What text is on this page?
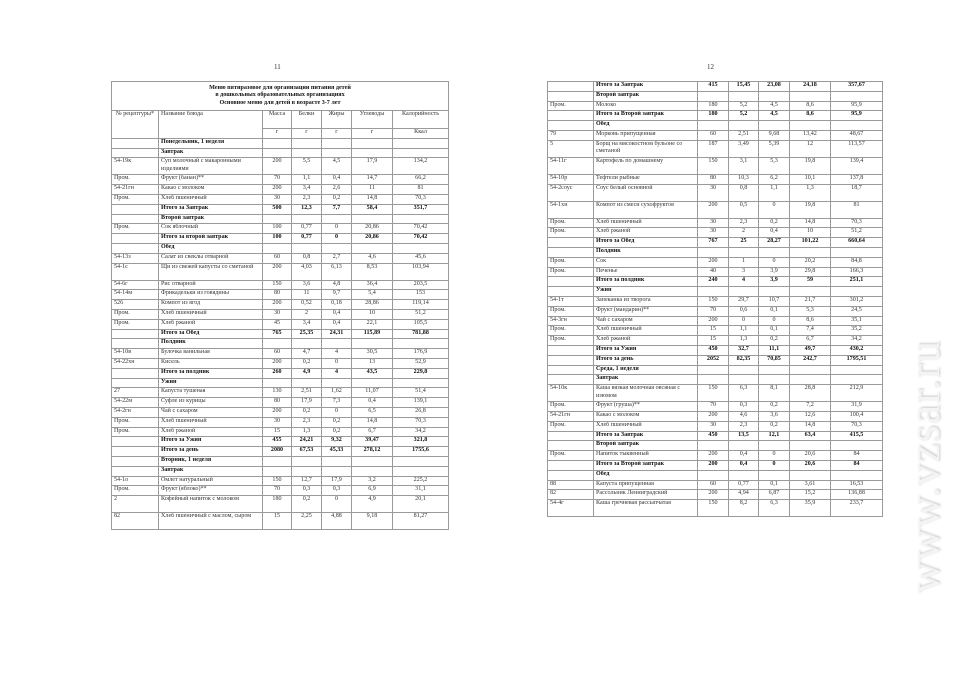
11	12
Меню пятиразовое для организации питания детей
в дошкольных образовательных организациях
Основное меню для детей в возрасте 3-7 лет						

№ рецептуры*	Название блюда	Масса	Белки	Жиры	Углеводы	Калорийность
		г	г	г	г	Ккал
	Понедельник, 1 неделя					
	Завтрак					
54-19к	Суп молочный с макаронными изделиями	200	5,5	4,5	17,9	134,2
Пром.	Фрукт (банан)**	70	1,1	0,4	14,7	66,2
54-21гн	Какао с молоком	200	3,4	2,6	11	81
Пром.	Хлеб пшеничный	30	2,3	0,2	14,8	70,3
	Итого за Завтрак	500	12,3	7,7	58,4	351,7
	Второй завтрак					
Пром.	Сок яблочный	100	0,77	0	20,86	70,42
	Итого за второй завтрак	100	0,77	0	20,86	70,42
	Обед					
54-13з	Салат из свеклы отварной	60	0,8	2,7	4,6	45,6
54-1с	Щи из свежей капусты со сметаной	200	4,03	6,13	8,53	103,94
54-6г	Рис отварной	150	3,6	4,8	36,4	203,5
54-14м	Фрикадельки из говядины	80	11	9,7	5,4	153
526	Компот из ягод	200	0,52	0,18	28,86	119,14
Пром.	Хлеб пшеничный	30	2	0,4	10	51,2
Пром.	Хлеб ржаной	45	3,4	0,4	22,1	105,5
	Итого за Обед	765	25,35	24,31	115,89	781,88
	Полдник					
54-10в	Булочка ванильная	60	4,7	4	30,5	176,9
54-22хн	Кисель	200	0,2	0	13	52,9
	Итого за полдник	260	4,9	4	43,5	229,8
	Ужин					
27	Капуста тушеная	130	2,51	1,62	11,07	51,4
54-22м	Суфле из курицы	80	17,9	7,3	0,4	139,1
54-2гн	Чай с сахаром	200	0,2	0	6,5	26,8
Пром.	Хлеб пшеничный	30	2,3	0,2	14,8	70,3
Пром.	Хлеб ржаной	15	1,3	0,2	6,7	34,2
	Итого за Ужин	455	24,21	9,32	39,47	321,8
	Итого за день	2080	67,53	45,33	278,12	1755,6
	Вторник, 1 неделя					
	Завтрак					
54-1о	Омлет натуральный	150	12,7	17,9	3,2	225,2
Пром.	Фрукт (яблоко)**	70	0,3	0,3	6,9	31,1
2	Кофейный напиток с молоком	180	0,2	0	4,9	20,1
82	Хлеб пшеничный с маслом, сыром	15	2,25	4,88	9,18	81,27
	Итого за Завтрак	415	15,45	23,08	24,18	357,67
	Второй завтрак					
Пром.	Молоко	180	5,2	4,5	8,6	95,9
	Итого за Второй завтрак	180	5,2	4,5	8,6	95,9
	Обед					
79	Морковь припущенная	60	2,51	9,68	13,42	48,67
5	Борщ на мясокостном бульоне со сметаной	187	3,49	5,39	12	113,57
54-11г	Картофель по домашнему	150	3,1	5,3	19,8	139,4
54-10р	Тефтели рыбные	80	10,3	6,2	10,1	137,8
54-2соус	Соус белый основной	30	0,8	1,1	1,3	18,7
54-1хн	Компот из смеси сухофруктов	200	0,5	0	19,8	81
Пром.	Хлеб пшеничный	30	2,3	0,2	14,8	70,3
Пром.	Хлеб ржаной	30	2	0,4	10	51,2
	Итого за Обед	767	25	28,27	101,22	660,64
	Полдник					
Пром.	Сок	200	1	0	20,2	84,8
Пром.	Печенье	40	3	3,9	29,8	166,3
	Итого за полдник	240	4	3,9	59	251,1
	Ужин					
54-1т	Запеканка из творога	150	29,7	10,7	21,7	301,2
Пром.	Фрукт (мандарин)**	70	0,6	0,1	5,3	24,5
54-3гн	Чай с сахаром	200	0	0	8,6	35,1
Пром.	Хлеб пшеничный	15	1,1	0,1	7,4	35,2
Пром.	Хлеб ржаной	15	1,3	0,2	6,7	34,2
	Итого за Ужин	450	32,7	11,1	49,7	430,2
	Итого за день	2052	82,35	70,85	242,7	1795,51
	Среда, 1 неделя					
	Завтрак					
54-10к	Каша вязкая молочная овсяная с изюмом	150	6,3	8,1	28,8	212,9
Пром.	Фрукт (груша)**	70	0,3	0,2	7,2	31,9
54-21гн	Какао с молоком	200	4,6	3,6	12,6	100,4
Пром.	Хлеб пшеничный	30	2,3	0,2	14,8	70,3
	Итого за Завтрак	450	13,5	12,1	63,4	415,5
	Второй завтрак					
Пром.	Напиток тыквенный	200	0,4	0	20,6	84
	Итого за Второй завтрак	200	0,4	0	20,6	84
	Обед					
88	Капуста припущенная	60	0,77	0,1	3,61	16,53
82	Рассольник Ленинградский	200	4,94	6,87	15,2	136,88
54-4г	Каша гречневая рассыпчатая	150	8,2	6,3	35,9	233,7 www.vzsar.ru
